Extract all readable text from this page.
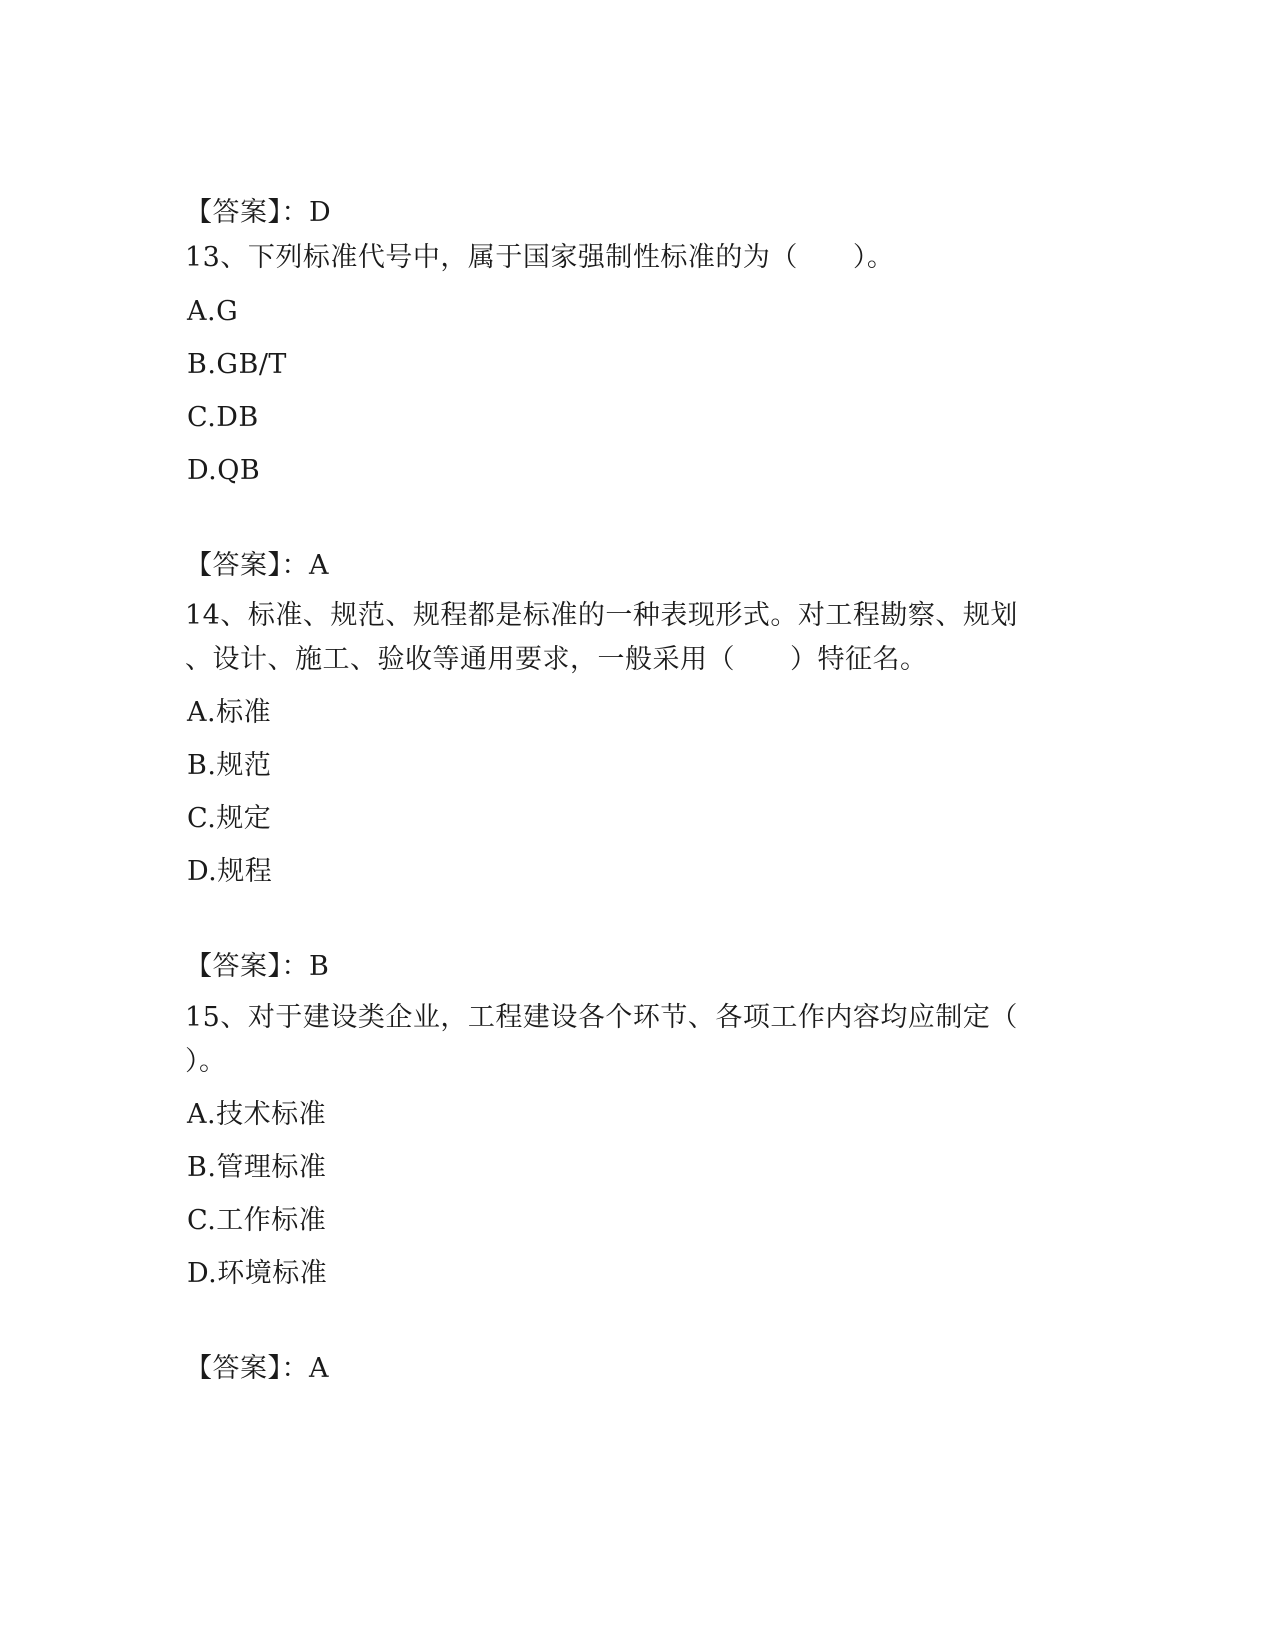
【答案】：D
13、下列标准代号中，属于国家强制性标准的为（　　）。
A.G
B.GB/T
C.DB
D.QB
【答案】：A
14、标准、规范、规程都是标准的一种表现形式。对工程勘察、规划
、设计、施工、验收等通用要求，一般采用（　　）特征名。
A.标准
B.规范
C.规定
D.规程
【答案】：B
15、对于建设类企业，工程建设各个环节、各项工作内容均应制定（
）。
A.技术标准
B.管理标准
C.工作标准
D.环境标准
【答案】：A
